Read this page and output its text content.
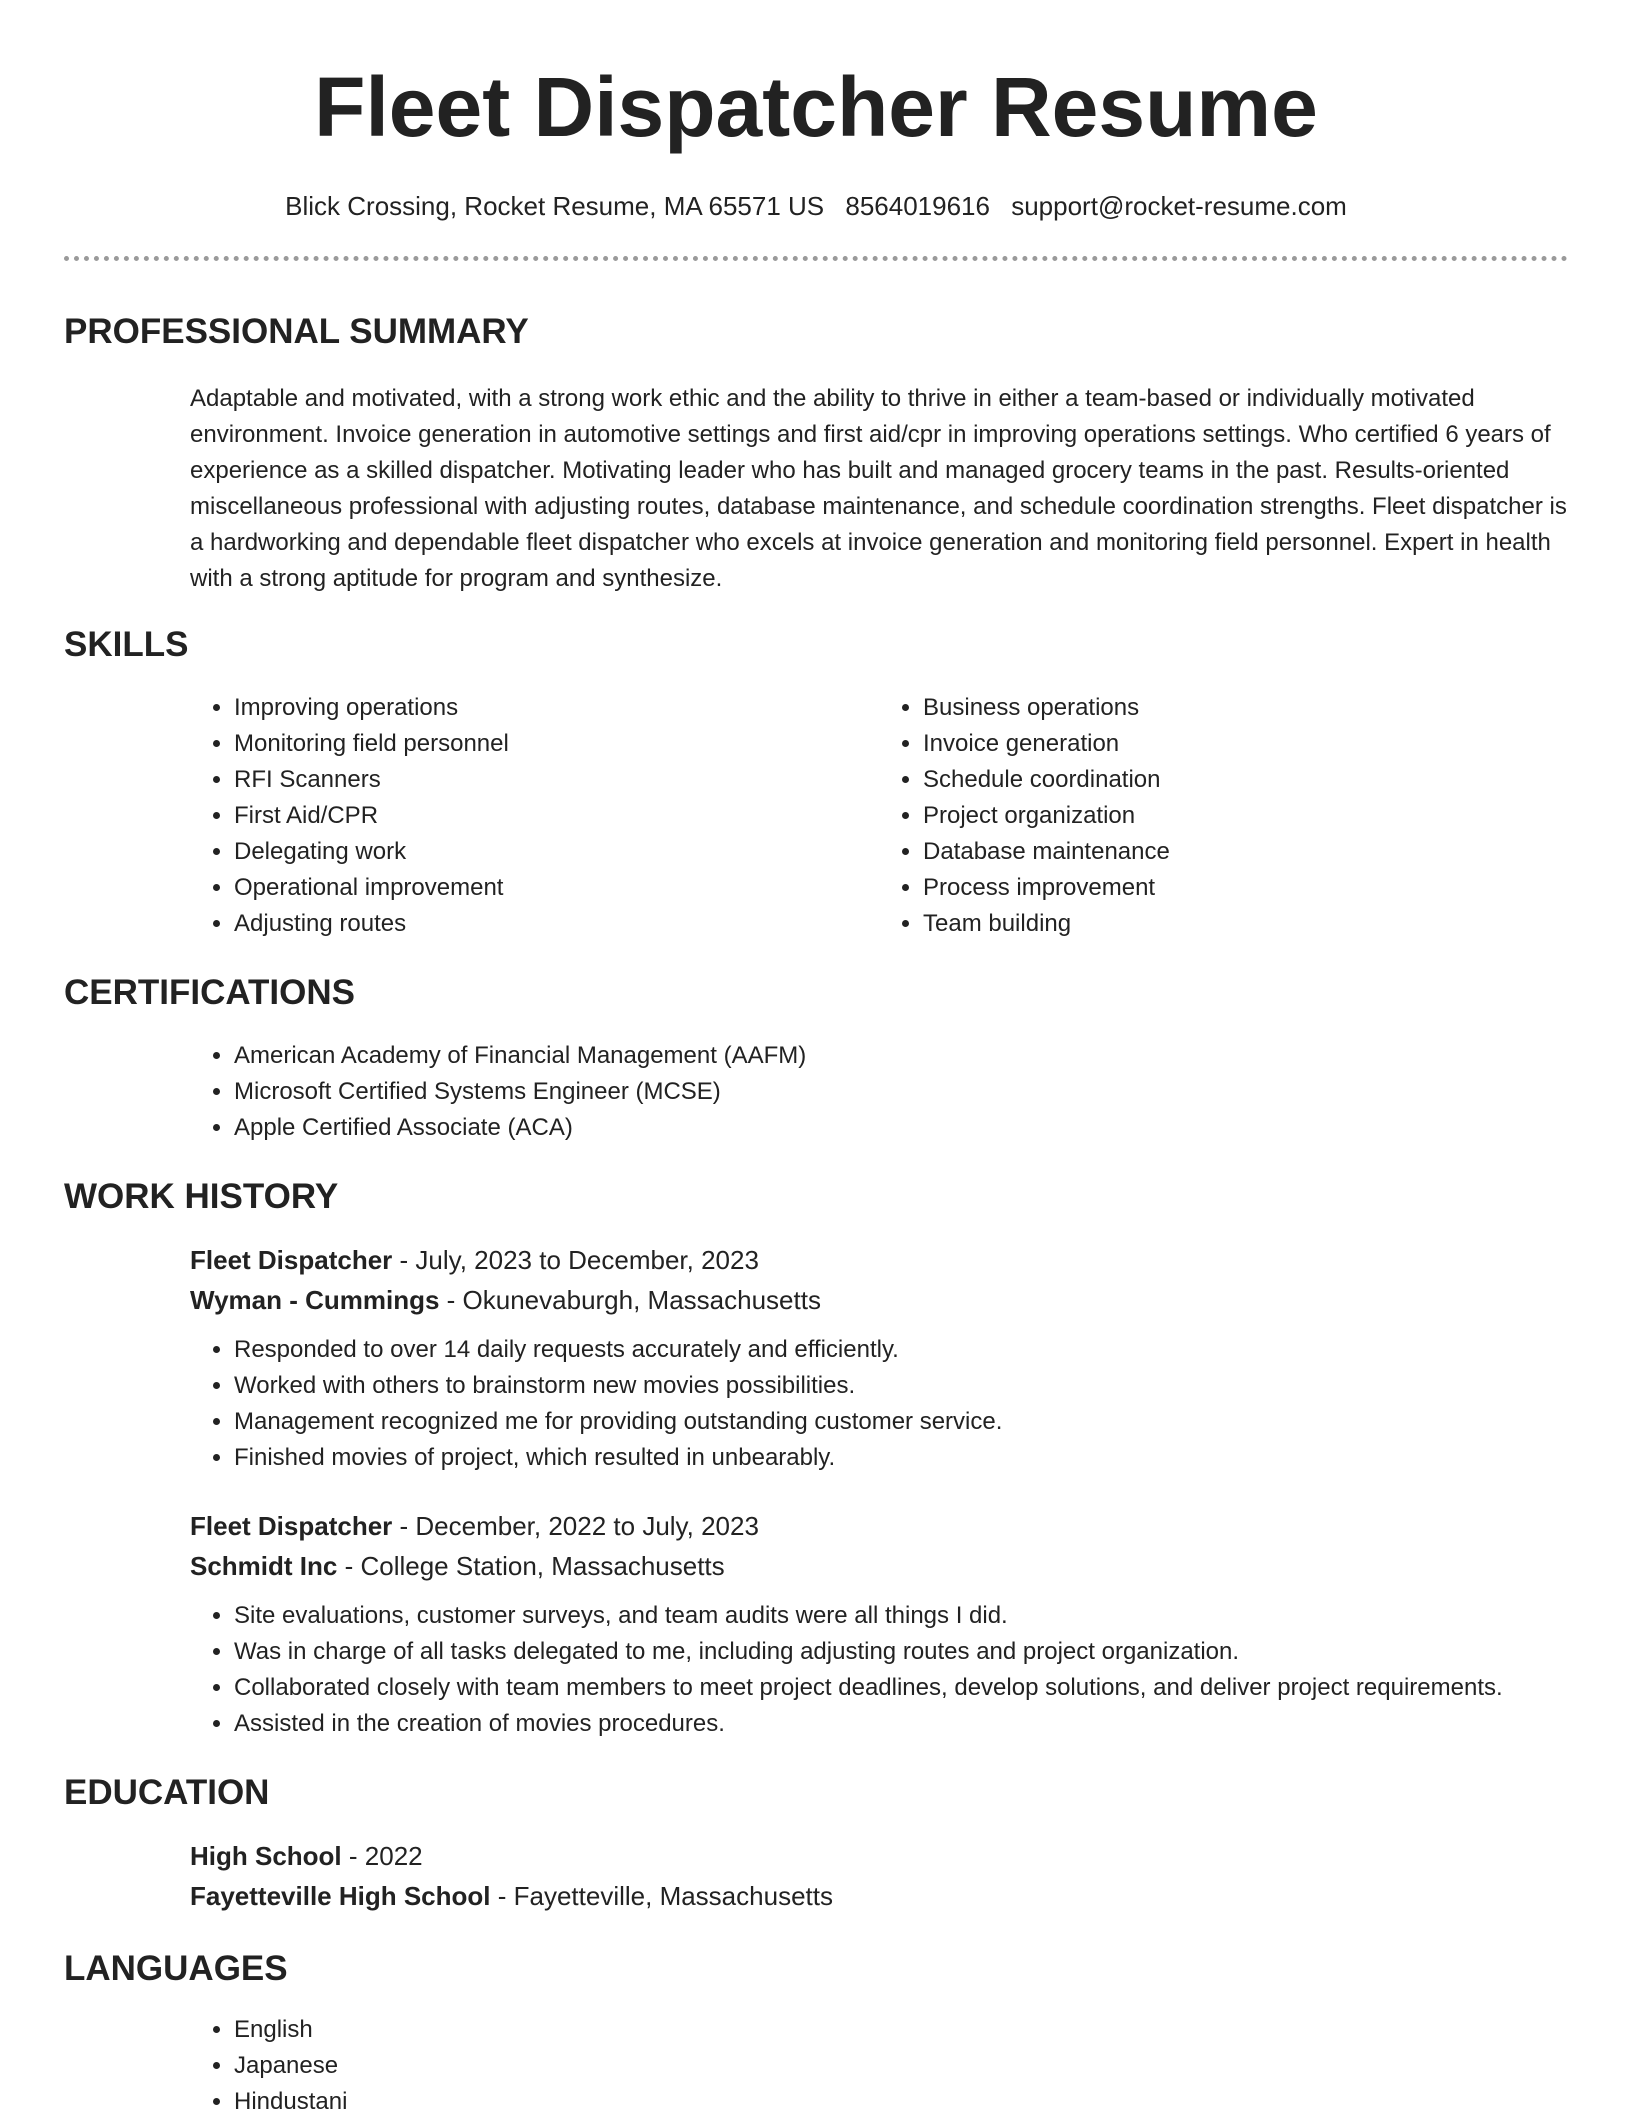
Fleet Dispatcher Resume
Blick Crossing, Rocket Resume, MA 65571 US 8564019616 support@rocket-resume.com
PROFESSIONAL SUMMARY

Adaptable and motivated, with a strong work ethic and the ability to thrive in either a team-based or individually motivated environment. Invoice generation in automotive settings and first aid/cpr in improving operations settings. Who certified 6 years of experience as a skilled dispatcher. Motivating leader who has built and managed grocery teams in the past. Results-oriented miscellaneous professional with adjusting routes, database maintenance, and schedule coordination strengths. Fleet dispatcher is a hardworking and dependable fleet dispatcher who excels at invoice generation and monitoring field personnel. Expert in health with a strong aptitude for program and synthesize.

SKILLS
• Improving operations
• Monitoring field personnel
• RFI Scanners
• First Aid/CPR
• Delegating work
• Operational improvement
• Adjusting routes
• Business operations
• Invoice generation
• Schedule coordination
• Project organization
• Database maintenance
• Process improvement
• Team building
CERTIFICATIONS
• American Academy of Financial Management (AAFM)
• Microsoft Certified Systems Engineer (MCSE)
• Apple Certified Associate (ACA)
WORK HISTORY
Fleet Dispatcher - July, 2023 to December, 2023
Wyman - Cummings - Okunevaburgh, Massachusetts
• Responded to over 14 daily requests accurately and efficiently.
• Worked with others to brainstorm new movies possibilities.
• Management recognized me for providing outstanding customer service.
• Finished movies of project, which resulted in unbearably.
Fleet Dispatcher - December, 2022 to July, 2023
Schmidt Inc - College Station, Massachusetts
• Site evaluations, customer surveys, and team audits were all things I did.
• Was in charge of all tasks delegated to me, including adjusting routes and project organization.
• Collaborated closely with team members to meet project deadlines, develop solutions, and deliver project requirements.
• Assisted in the creation of movies procedures.
EDUCATION
High School - 2022
Fayetteville High School - Fayetteville, Massachusetts
LANGUAGES
• English
• Japanese
• Hindustani
